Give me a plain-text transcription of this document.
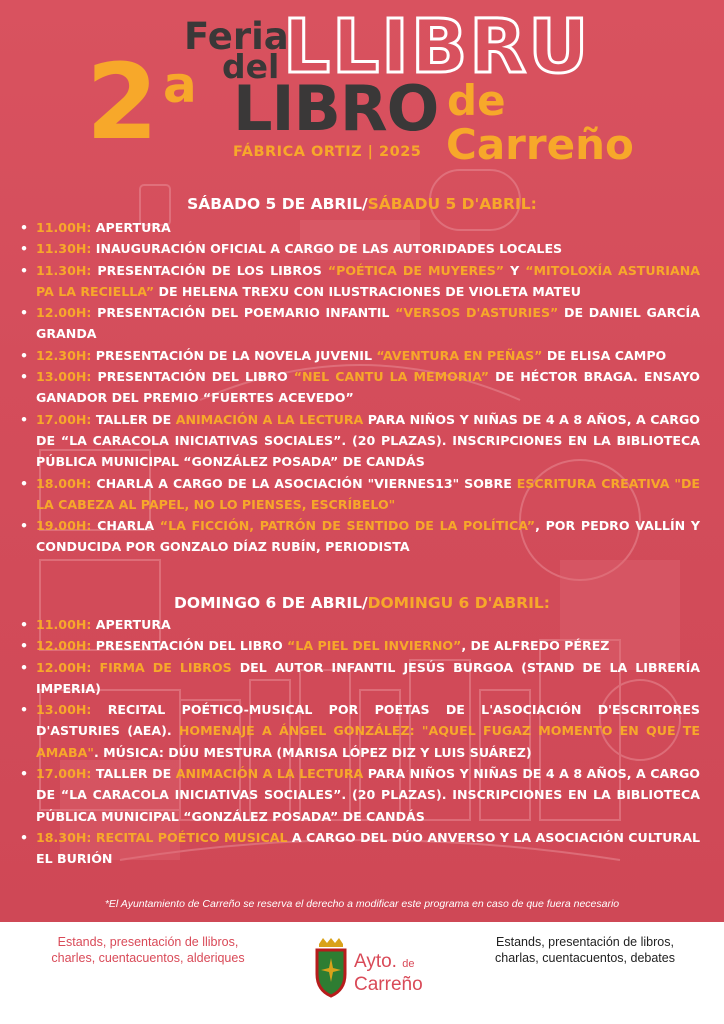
2 a
Feria
del LLIBRU
LIBRO de
Carreño
FÁBRICA ORTIZ | 2025
SÁBADO 5 DE ABRIL/SÁBADU 5 D'ABRIL:
• 11.00H: APERTURA
• 11.30H: INAUGURACIÓN OFICIAL A CARGO DE LAS AUTORIDADES LOCALES
• 11.30H: PRESENTACIÓN DE LOS LIBROS “POÉTICA DE MUYERES” Y “MITOLOXÍA ASTURIANA PA LA RECIELLA” DE HELENA TREXU CON ILUSTRACIONES DE VIOLETA MATEU
• 12.00H: PRESENTACIÓN DEL POEMARIO INFANTIL “VERSOS D'ASTURIES” DE DANIEL GARCÍA GRANDA
• 12.30H: PRESENTACIÓN DE LA NOVELA JUVENIL “AVENTURA EN PEÑAS” DE ELISA CAMPO
• 13.00H: PRESENTACIÓN DEL LIBRO “NEL CANTU LA MEMORIA” DE HÉCTOR BRAGA. ENSAYO GANADOR DEL PREMIO “FUERTES ACEVEDO”
• 17.00H: TALLER DE ANIMACIÓN A LA LECTURA PARA NIÑOS Y NIÑAS DE 4 A 8 AÑOS, A CARGO DE “LA CARACOLA INICIATIVAS SOCIALES”. (20 PLAZAS). INSCRIPCIONES EN LA BIBLIOTECA PÚBLICA MUNICIPAL “GONZÁLEZ POSADA” DE CANDÁS
• 18.00H: CHARLA A CARGO DE LA ASOCIACIÓN "VIERNES13" SOBRE ESCRITURA CREATIVA "DE LA CABEZA AL PAPEL, NO LO PIENSES, ESCRÍBELO"
• 19.00H: CHARLA “LA FICCIÓN, PATRÓN DE SENTIDO DE LA POLÍTICA”, POR PEDRO VALLÍN Y CONDUCIDA POR GONZALO DÍAZ RUBÍN, PERIODISTA
DOMINGO 6 DE ABRIL/DOMINGU 6 D'ABRIL:
• 11.00H: APERTURA
• 12.00H: PRESENTACIÓN DEL LIBRO “LA PIEL DEL INVIERNO”, DE ALFREDO PÉREZ
• 12.00H: FIRMA DE LIBROS DEL AUTOR INFANTIL JESÚS BURGOA (STAND DE LA LIBRERÍA IMPERIA)
• 13.00H: RECITAL POÉTICO-MUSICAL POR POETAS DE L'ASOCIACIÓN D'ESCRITORES D'ASTURIES (AEA). HOMENAJE A ÁNGEL GONZÁLEZ: "AQUEL FUGAZ MOMENTO EN QUE TE AMABA". MÚSICA: DÚU MESTURA (MARISA LÓPEZ DIZ Y LUIS SUÁREZ)
• 17.00H: TALLER DE ANIMACIÓN A LA LECTURA PARA NIÑOS Y NIÑAS DE 4 A 8 AÑOS, A CARGO DE “LA CARACOLA INICIATIVAS SOCIALES”. (20 PLAZAS). INSCRIPCIONES EN LA BIBLIOTECA PÚBLICA MUNICIPAL “GONZÁLEZ POSADA” DE CANDÁS
• 18.30H: RECITAL POÉTICO MUSICAL A CARGO DEL DÚO ANVERSO Y LA ASOCIACIÓN CULTURAL EL BURIÓN
*El Ayuntamiento de Carreño se reserva el derecho a modificar este programa en caso de que fuera necesario
Estands, presentación de llibros,
charles, cuentacuentos, alderiques	Ayto. de
Carreño
Estands, presentación de libros,
charlas, cuentacuentos, debates
